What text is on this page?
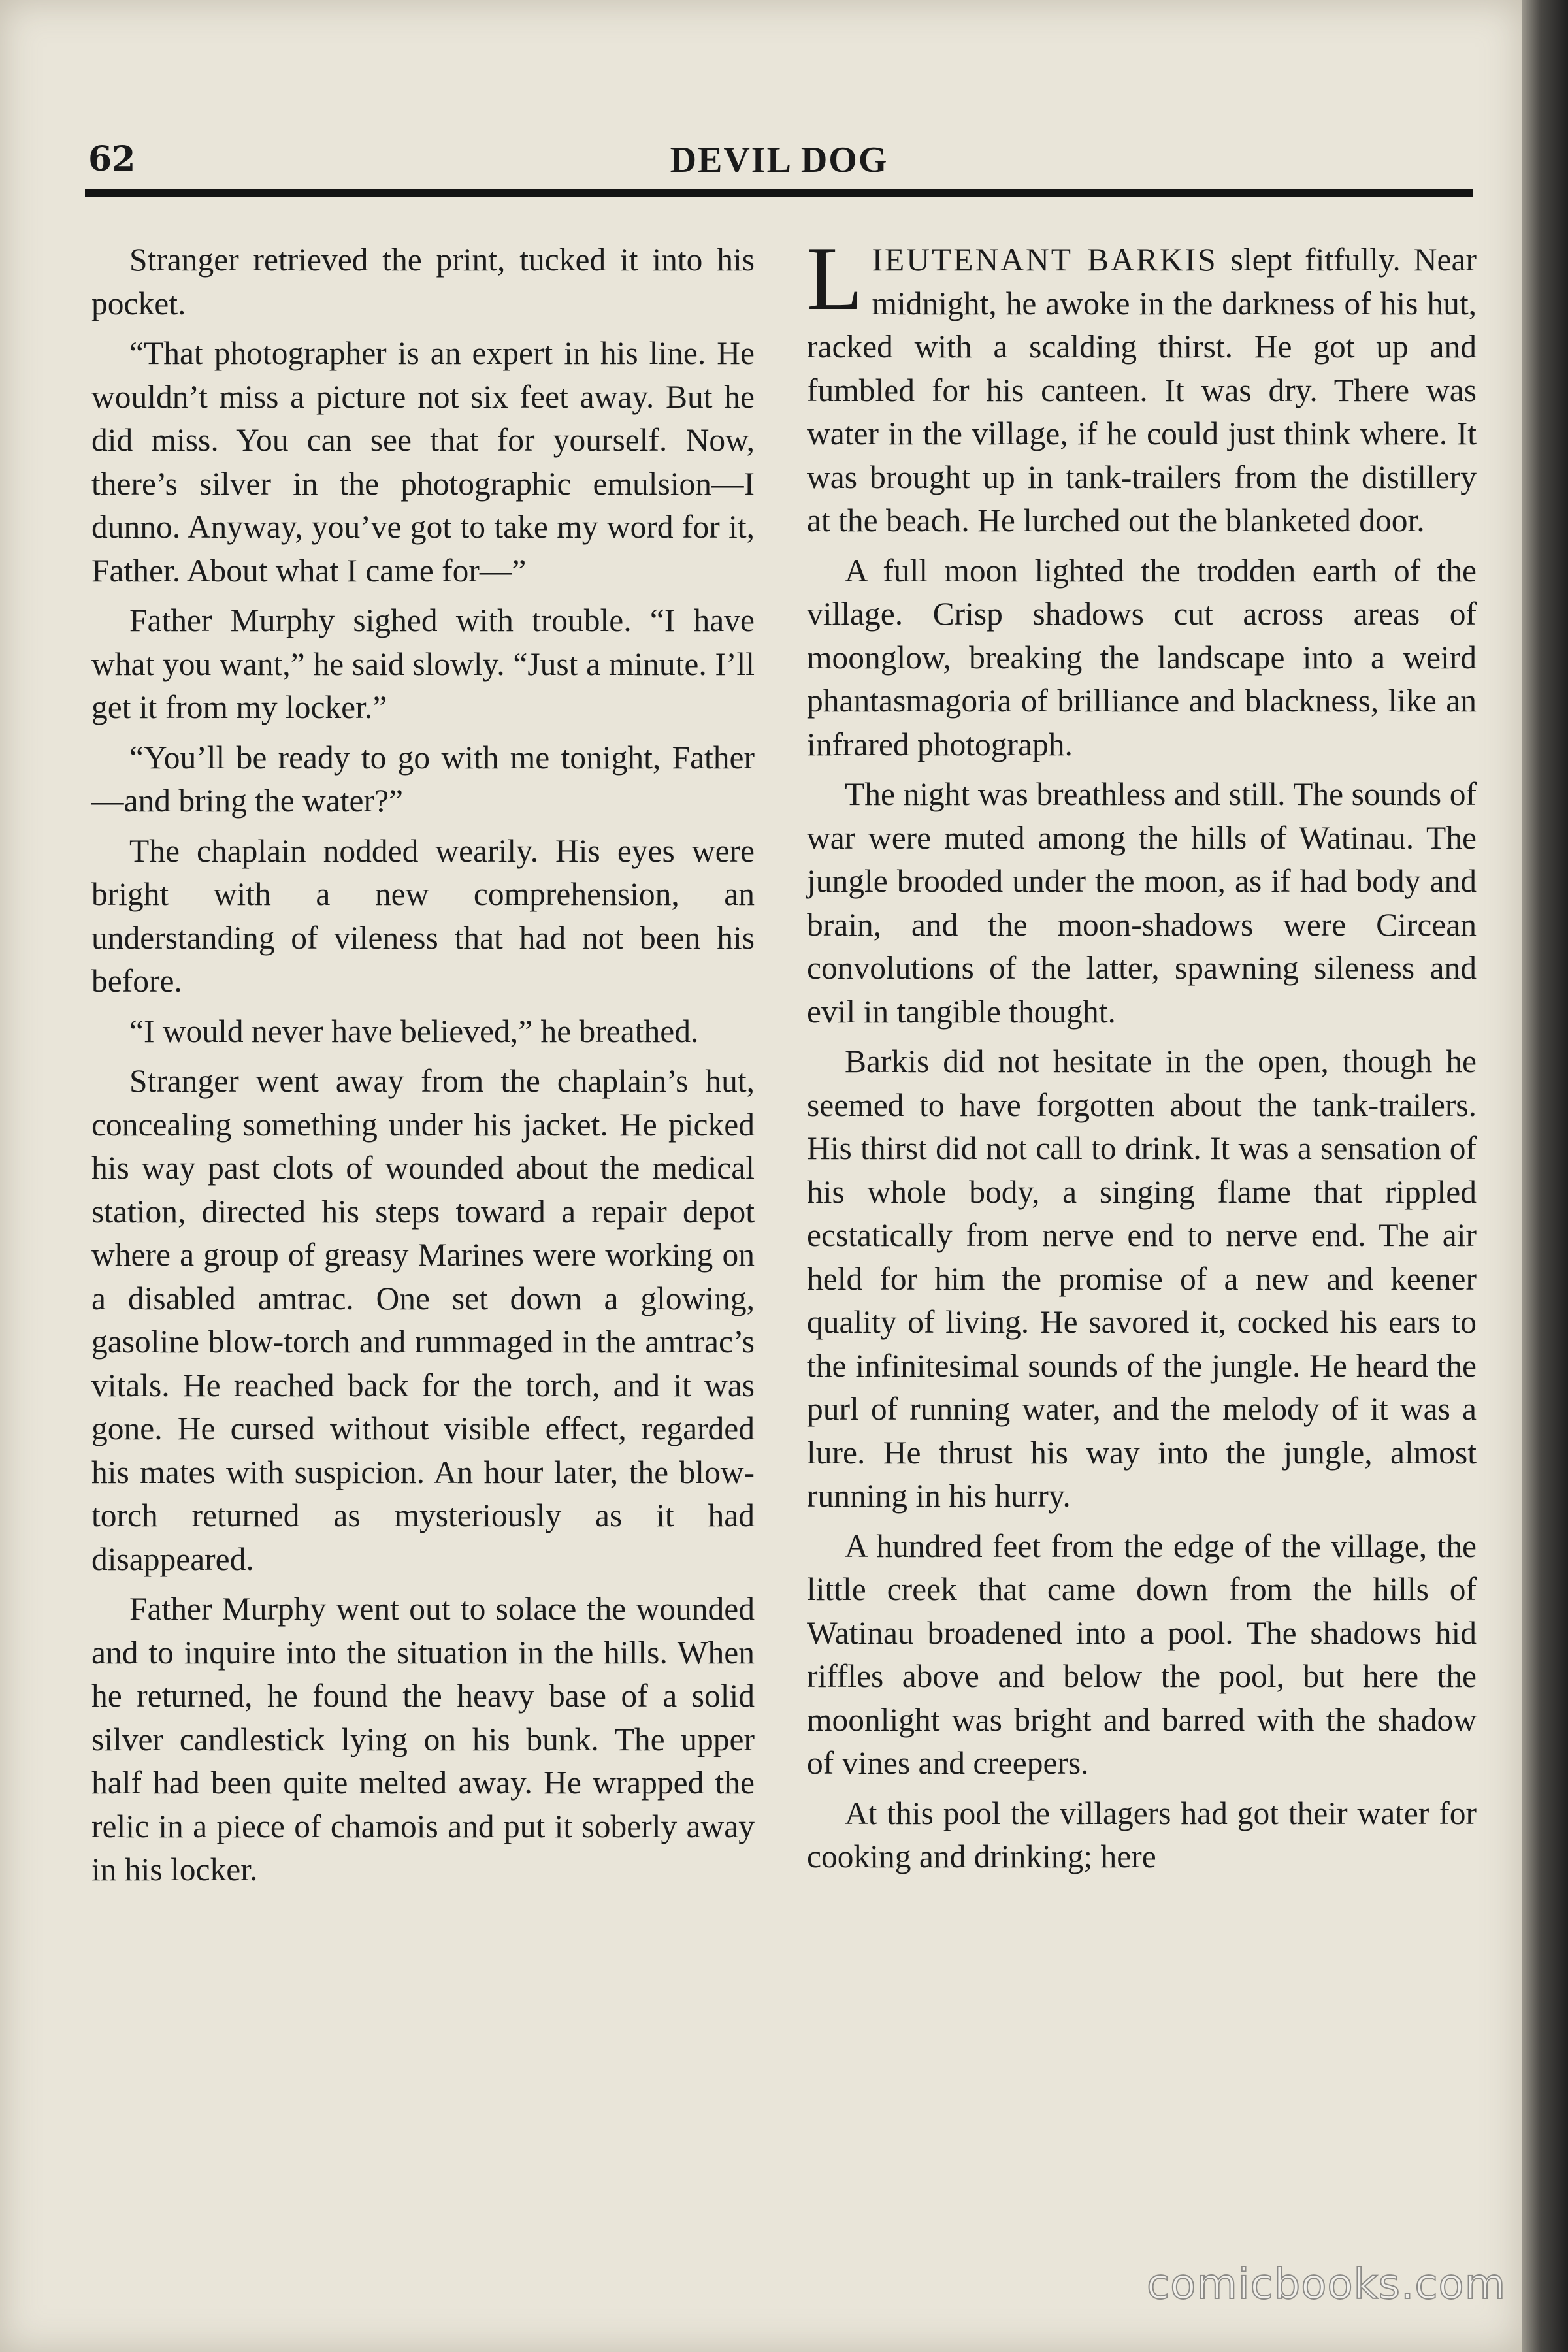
62	DEVIL DOG

Stranger retrieved the print, tucked it into his pocket.

“That photographer is an expert in his line. He wouldn’t miss a picture not six feet away. But he did miss. You can see that for yourself. Now, there’s silver in the photographic emulsion—I dunno. Anyway, you’ve got to take my word for it, Father. About what I came for—”

Father Murphy sighed with trouble. “I have what you want,” he said slowly. “Just a minute. I’ll get it from my locker.”

“You’ll be ready to go with me tonight, Father—and bring the water?”

The chaplain nodded wearily. His eyes were bright with a new comprehension, an understanding of vileness that had not been his before.

“I would never have believed,” he breathed.

Stranger went away from the chaplain’s hut, concealing something under his jacket. He picked his way past clots of wounded about the medical station, directed his steps toward a repair depot where a group of greasy Marines were working on a disabled amtrac. One set down a glowing, gasoline blow-torch and rummaged in the amtrac’s vitals. He reached back for the torch, and it was gone. He cursed without visible effect, regarded his mates with suspicion. An hour later, the blow-torch returned as mysteriously as it had disappeared.

Father Murphy went out to solace the wounded and to inquire into the situation in the hills. When he returned, he found the heavy base of a solid silver candlestick lying on his bunk. The upper half had been quite melted away. He wrapped the relic in a piece of chamois and put it soberly away in his locker.

LIEUTENANT BARKIS slept fitfully. Near midnight, he awoke in the darkness of his hut, racked with a scalding thirst. He got up and fumbled for his canteen. It was dry. There was water in the village, if he could just think where. It was brought up in tank-trailers from the distillery at the beach. He lurched out the blanketed door.

A full moon lighted the trodden earth of the village. Crisp shadows cut across areas of moonglow, breaking the landscape into a weird phantasmagoria of brilliance and blackness, like an infrared photograph.

The night was breathless and still. The sounds of war were muted among the hills of Watinau. The jungle brooded under the moon, as if had body and brain, and the moon-shadows were Circean convolutions of the latter, spawning sileness and evil in tangible thought.

Barkis did not hesitate in the open, though he seemed to have forgotten about the tank-trailers. His thirst did not call to drink. It was a sensation of his whole body, a singing flame that rippled ecstatically from nerve end to nerve end. The air held for him the promise of a new and keener quality of living. He savored it, cocked his ears to the infinitesimal sounds of the jungle. He heard the purl of running water, and the melody of it was a lure. He thrust his way into the jungle, almost running in his hurry.

A hundred feet from the edge of the village, the little creek that came down from the hills of Watinau broadened into a pool. The shadows hid riffles above and below the pool, but here the moonlight was bright and barred with the shadow of vines and creepers.

At this pool the villagers had got their water for cooking and drinking; here

comicbooks.com
